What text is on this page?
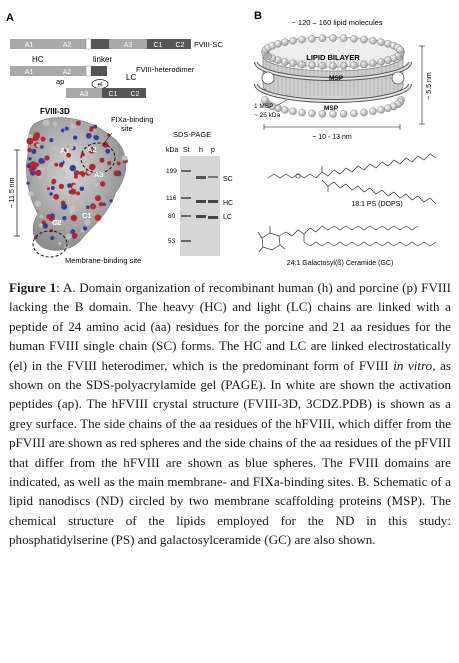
A
A1	A2	A3	C1 C2 FVIII-SC
HC	linker
FVIII-heterodimer
A1	A2
LC
ap	el
A3	C1 C2
FVIII-3D
FIXa-binding
site
A1 A2
A3
C2
C1
~ 11.5 nm
Membrane-binding site
SDS-PAGE
kDa St h p
199
116
80
53
SC
HC
LC
B
~ 120 – 160 lipid molecules
LIPID BILAYER
MSP
MSP
1 MSP
~ 25 kDa
~ 5.5 nm
~ 10 - 13 nm
18:1 PS (DOPS)
24:1 Galactosyl(ß) Ceramide (GC)

Figure 1: A. Domain organization of recombinant human (h) and porcine (p) FVIII lacking the B domain. The heavy (HC) and light (LC) chains are linked with a peptide of 24 amino acid (aa) residues for the porcine and 21 aa residues for the human FVIII single chain (SC) forms. The HC and LC are linked electrostatically (el) in the FVIII heterodimer, which is the predominant form of FVIII in vitro, as shown on the SDS-polyacrylamide gel (PAGE). In white are shown the activation peptides (ap). The hFVIII crystal structure (FVIII-3D, 3CDZ.PDB) is shown as a grey surface. The side chains of the aa residues of the hFVIII, which differ from the pFVIII are shown as red spheres and the side chains of the aa residues of the pFVIII that differ from the hFVIII are shown as blue spheres. The FVIII domains are indicated, as well as the main membrane- and FIXa-binding sites. B. Schematic of a lipid nanodiscs (ND) circled by two membrane scaffolding proteins (MSP). The chemical structure of the lipids employed for the ND in this study: phosphatidylserine (PS) and galactosylceramide (GC) are also shown.
